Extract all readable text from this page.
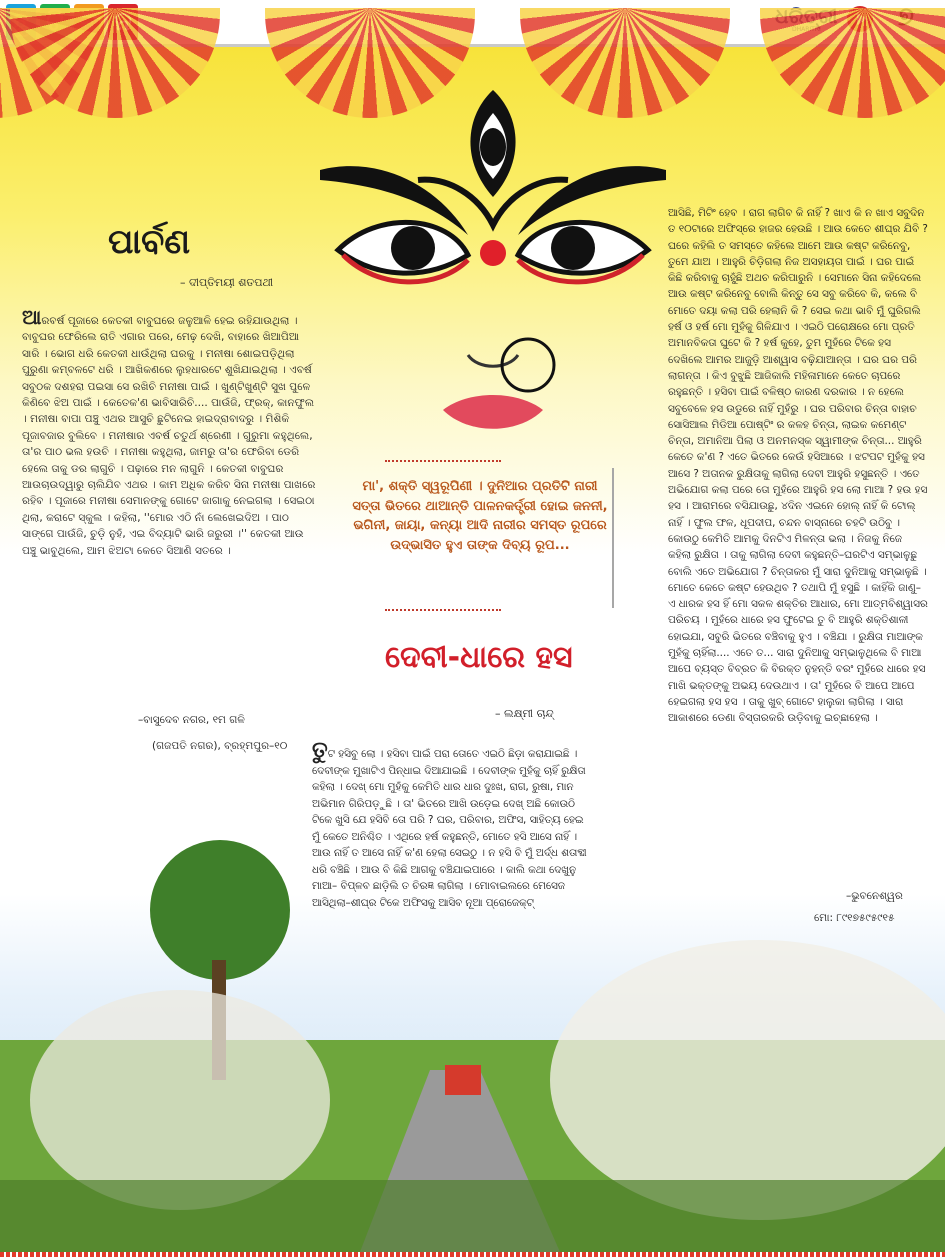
ପାର୍ବଣ
– ଦୀପ୍ତିମୟୀ ଶତପଥୀ
ଆରବର୍ଷ ପୂଜାରେ କେତକୀ ବାବୁଘରେ ଜଳୁଆଳି ହେଇ ରହିଯାଉଥିଲା । ବାବୁଘର ଫେରିଲେ ରାତି ଏଗାର ପରେ, ମେଢ଼ ଦେଖି, ବାହାରେ ଖିଆପିଆ ସାରି । ଭୋଗ ଧରି କେତକୀ ଧାଉଁଥିଲା ଘରକୁ । ମନୀଷା ଶୋଇପଡ଼ିଥିଲା ପୁରୁଣା କମ୍ବଳଟେ ଧରି । ଆଖିକଣରେ ଲୁହଧାରଟେ ଶୁଖିଯାଇଥିଲା । ଏବର୍ଷ ସବୁଠକ ଦଶହରା ପଇସା ସେ ରଖିଚି ମନୀଷା ପାଇଁ । ଖୁଣ୍ଟିଖୁଣ୍ଟି ସୁଖ ପୁଳେ କିଣିବେ ଝିଅ ପାଇଁ । କେତେକ'ଣ ଭାବିସାରିଚି.... ପାଉଁଜି, ଫ୍ରକ୍, କାନଫୁଲ । ମନୀଷା ବାପା ପଞ୍ଚୁ ଏଥର ଆସୁଚି ଛୁଟିନେଇ ହାଇଦ୍ରାବାଦରୁ । ମିଶିକି ପୂଜାବଜାର ବୁଲିବେ । ମନୀଷାର ଏବର୍ଷ ଚତୁର୍ଥ ଶ୍ରେଣୀ । ଗୁରୁମା କହୁଥିଲେ, ତା'ର ପାଠ ଭଲ ହଉଚି । ମନୀଷା କହୁଥିଲା, ଜାମରୁ ତା'ର ଫେରିବା ଡେରି ହେଲେ ତାକୁ ଡର ଲାଗୁଚି । ପଢ଼ାରେ ମନ ଲାଗୁନି । କେତକୀ ବାବୁଘର ଆଉଚାଉଦ୍ୱାରୁ ଚାଲିଯିବ ଏଥର । କାମ ଅଧିକ କରିବ ସିନା ମନୀଷା ପାଖରେ ରହିବ । ପୂଜାରେ ମନୀଷା ସେମାନଙ୍କୁ ଗୋଟେ ଜାଗାକୁ ନେଇଗଲା । ସେଇଠା ଥିଲା, କରାଟେ ସ୍କୁଲ । କହିଲା, ''ମୋର ଏଠି ନାଁ ଲେଖେଇଦିଅ । ପାଠ ସାଙ୍ଗେ ପାଉଁଜି, ଚୁଡ଼ି ନୁହଁ, ଏଇ ବିଦ୍ୟାଟି ଭାରି ଜରୁରୀ ।'' କେତକୀ ଆଉ ପଞ୍ଚୁ ଭାବୁଥିଲେ, ଆମ ଝିଅଟା କେତେ ସିଆଣି ସତରେ ।
–ବାସୁଦେବ ନଗର, ୧ମ ଗଳି
(ଗଜପତି ନଗର), ବ୍ରହ୍ମପୁର–୧୦
ମା', ଶକ୍ତି ସ୍ୱରୂପିଣୀ । ଦୁନିଆର ପ୍ରତିଟି ନାରୀ ସତ୍ତା ଭିତରେ ଥାଆନ୍ତି ପାଳନକର୍ତ୍ତ୍ରୀ ହୋଇ ଜନନୀ, ଭଗିନୀ, ଜାୟା, କନ୍ୟା ଆଦି ନାରୀର ସମସ୍ତ ରୂପରେ ଉଦ୍‌ଭାସିତ ହୁଏ ତାଙ୍କ ଦିବ୍ୟ ରୂପ...
ଦେବୀ-ଧାରେ ହସ
– ଲକ୍ଷ୍ମୀ ଚାନ୍ଦ୍
ତୁଟ ହସିବୁ ଲୋ । ହସିବା ପାଇଁ ପରା ତୋତେ ଏଇଠି ଛିଡ଼ା କରାଯାଇଛି । ଦେବୀଙ୍କ ମୁଖାଟିଏ ପିନ୍ଧାଇ ଦିଆଯାଇଛି । ଦେବୀଙ୍କ ମୁହଁକୁ ଚାହିଁ ରୁକ୍ଷିତା କହିଲା । ଦେଖ୍ ମୋ ମୁହଁକୁ କେମିତି ଧାର ଧାର ଦୁଃଖ, ରାଗ, ରୁଷା, ମାନ ଅଭିମାନ ଗିରିପଡ଼ୁଛି । ତା' ଭିତରେ ଆଖି ଉଡ଼େଇ ଦେଖ୍ ଅଛି କୋଉଠି ଟିକେ ଖୁସି ଯେ ହସିବି ତୋ ପରି ? ଘର, ପରିବାର, ଅଫିସ, ସାହିତ୍ୟ ହେଇ ମୁଁ କେତେ ଅନିଶ୍ଚିତ । ଏଥିରେ ହର୍ଷ କହୁଛନ୍ତି, ମୋତେ ହସି ଆସେ ନାହିଁ । ଆଉ ନାହିଁ ତ ଆସେ ନାହିଁ କ'ଣ ହେଲା ସେଇଠୁ । ନ ହସି ବି ମୁଁ ଅର୍ଦ୍ଧ ଶତାବ୍ଦୀ ଧରି ବଞ୍ଚିଛି । ଆଉ ବି କିଛି ଆଗକୁ ବଞ୍ଚିଯାଇପାରେ । କାଲି କଥା ଦେଖୁନୁ ମାଆ– ବିପ୍ଳବ ଛାଡ଼ିଲି ତ ଚିରଜ୍ଞ ଲାଗିଲା । ମୋବାଇଲରେ ମେସେଜ ଆସିଥିଲା–ଶୀଘ୍ର ଟିକେ ଅଫିସକୁ ଆସିବ ନୂଆ ପ୍ରୋଜେକ୍ଟ୍
ଆସିଛି, ମିଟିଂ ହେବ । ରାଗ ଲାଗିବ କି ନାହିଁ ? ଖାଏ କି ନ ଖାଏ ସବୁଦିନ ତ ୧୦ଟାରେ ଅଫିସ୍‌ରେ ହାଜର ହେଉଛି । ଆଉ କେତେ ଶୀଘ୍ର ଯିବି ? ଘରେ କହିଲି ତ ସମସ୍ତେ କହିଲେ ଆମେ ଆଉ କଷ୍ଟ କରିନେବୁ, ତୁମେ ଯାଅ । ଆହୁରି ଚିଡ଼ିଗଲା ନିଜ ଅସହାୟତା ପାଇଁ । ଘର ପାଇଁ କିଛି କରିବାକୁ ଚାହୁଁଛି ଅଥଚ କରିପାରୁନି । ସେମାନେ ସିନା କହିଦେଲେ ଆଉ କଷ୍ଟ କରିନେବୁ ବୋଲି କିନ୍ତୁ ସେ ସବୁ କରିବେ କି, କଲେ ବି ମୋତେ ଦୟା କଲା ପରି ହେଲାନି କି ? ସେଇ କଥା ଭାବି ମୁଁ ଘୁରିଗଲି ହର୍ଷ ଓ ହର୍ଷ ମୋ ମୁହଁକୁ ଗିଳିଯାଏ । ଏଇଠି ପରୋକ୍ଷରେ ମୋ ପ୍ରତି ଅମାନବିକତା ଘୁଟେ କି ? ହର୍ଷ କୁହେ, ତୁମ ମୁହଁରେ ଟିକେ ହସ ଦେଖିଲେ ଆମର ଆଜୁଡ଼ି ଆଶ୍ୱାସ ବଢ଼ିଯାଆନ୍ତା । ଘର ଘର ପରି ଲାଗନ୍ତା । କିଏ ବୁଝୁଛି ଆଜିକାଲି ମହିଳାମାନେ କେତେ ଚାପରେ ରହୁଛନ୍ତି । ହସିବା ପାଇଁ ବଳିଷ୍ଠ କାରଣ ଦରକାର । ନ ହେଲେ ସବୁବେଳେ ହସ ଉଡୁରେ ନାହିଁ ମୁହଁରୁ । ଘର ପରିବାର ଚିନ୍ତା ବାହାଚ ସୋସିଆଲ ମିଡିଆ ପୋଷ୍ଟିଂ ର କଳହ ଚିନ୍ତା, ଲାଇକ କମେଣ୍ଟ ଚିନ୍ତା, ଅମାନିଆ ପିଲା ଓ ଅନମନସ୍କ ସ୍ୱାମୀଙ୍କ ଚିନ୍ତା... ଆହୁରି କେତେ କ'ଣ ? ଏତେ ଭିତରେ କେଉଁ ହସିଆରେ । ଝଟପଟ ମୁହଁକୁ ହସ ଆସେ ? ଅତାନକ ରୁକ୍ଷିତାକୁ ଲାଗିଲା ଦେବୀ ଆହୁରି ହସୁଛନ୍ତି । ଏତେ ଅଭିଯୋଗ କଲା ପରେ ତୋ ମୁହଁରେ ଆହୁରି ହସ ଲୋ ମାଆ ? ହଉ ହସ ହସ । ଆରାମରେ ବସିଯାଉଛୁ, ୪ଦିନ ଏଇନେ ହୋଲ୍ ନାହିଁ କି ଟୋଲ୍ ନାହିଁ । ଫୁଲ ଫଳ, ଧୂପଦୀପ, ଚନ୍ଦନ ବାସ୍ନାରେ ଚହଟି ଉଠିବୁ । କୋଉଠୁ କେମିତି ଆମକୁ ଦିନଟିଏ ମିଳନ୍ତା ଭଲା । ନିଜକୁ ନିଜେ କହିଲା ରୁକ୍ଷିତା । ତାକୁ ଲାଗିଲା ଦେବୀ କହୁଛନ୍ତି–ଘରଟିଏ ସମ୍ଭାଳୁଛୁ ବୋଲି ଏତେ ଅଭିଯୋଗ ? ଚିନ୍ତାକର ମୁଁ ସାରା ଦୁନିଆକୁ ସମ୍ଭାଳୁଛି । ମୋତେ କେତେ କଷ୍ଟ ହେଉଥିବ ? ତଥାପି ମୁଁ ହସୁଛି । କାହିଁକି ଜାଣୁ–ଏ ଧାରକ ହସ ହିଁ ମୋ ସକଳ ଶକ୍ତିର ଆଧାର, ମୋ ଆତ୍ମବିଶ୍ୱାସର ପରିଚୟ । ମୁହଁରେ ଧାରେ ହସ ଫୁଟେଇ ତୁ ବି ଆହୁରି ଶକ୍ତିଶାଳୀ ହୋଇଯା, ସବୁରି ଭିତରେ ବଞ୍ଚିବାକୁ ହୁଏ । ବଞ୍ଚିଯା । ରୁକ୍ଷିତା ମାଆଙ୍କ ମୁହଁକୁ ଚାହିଁଲା.... ଏତେ ତ... ସାରା ଦୁନିଆକୁ ସମ୍ଭାଳୁଥିଲେ ବି ମାଆ ଆପେ ବ୍ୟସ୍ତ ବିବ୍ରତ କି ବିରକ୍ତ ନୁହନ୍ତି ବରଂ ମୁହଁରେ ଧାରେ ହସ ମାଖି ଭକ୍ତଙ୍କୁ ଅଭୟ ଦେଉଥାଏ । ତା' ମୁହଁରେ ବି ଆପେ ଆପେ ହେଇଗଲା ହସ ହସ । ତାକୁ ଖୁବ୍ ଗୋଟେ ହାଲୁକା ଲାଗିଲା । ସାରା ଆକାଶରେ ଡେଣା ବିସ୍ତାରକରି ଉଡ଼ିବାକୁ ଇଚ୍ଛାହେଲା ।
–ଭୁବନେଶ୍ୱର
ମୋ: ୮୯୧୭୫୯୫୯୧୫
